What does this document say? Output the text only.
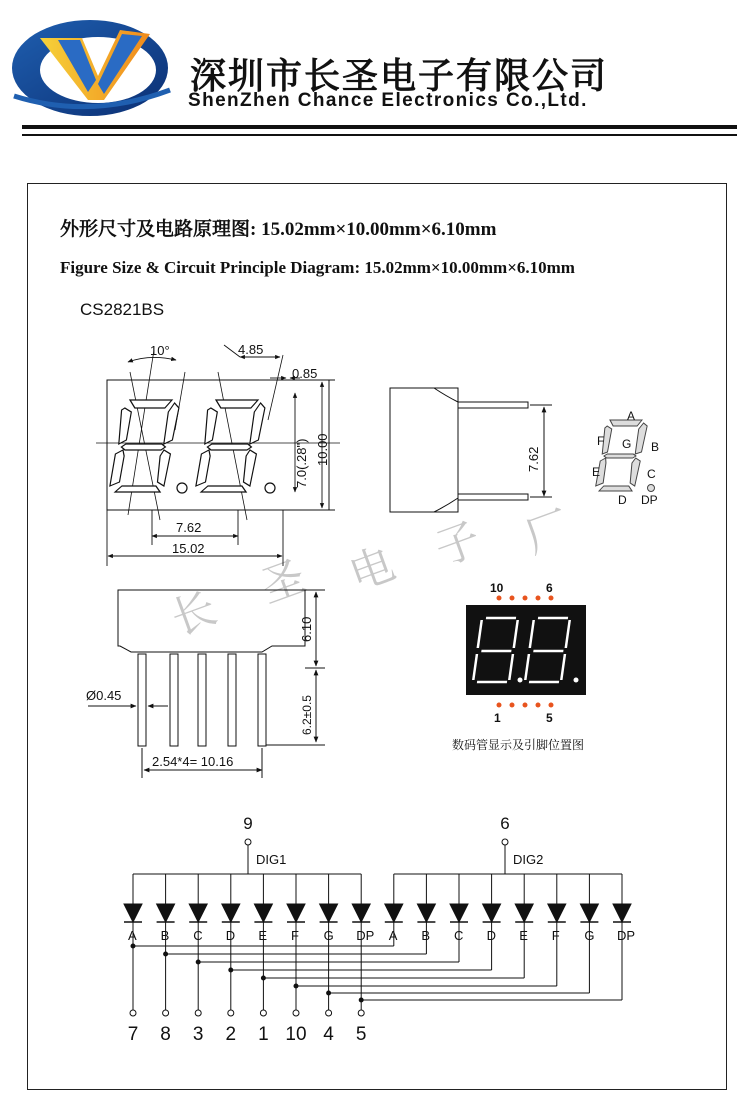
深圳市长圣电子有限公司
ShenZhen Chance Electronics Co.,Ltd.
外形尺寸及电路原理图: 15.02mm×10.00mm×6.10mm
Figure Size & Circuit Principle Diagram: 15.02mm×10.00mm×6.10mm
CS2821BS
长
圣 电 子 厂
10°	4.85
0.85
7.0(.28") 10.00
7.62
15.02
7.62
A
B
C
D
E
F G
DP
6.10
6.2±0.5
Ø0.45
2.54*4= 10.16
10	6
1	5
数码管显示及引脚位置图
9
DIG1
A B C D E F G DP
6
DIG2
A B C D E F G DP
7 8 3 2 1 10 4 5
